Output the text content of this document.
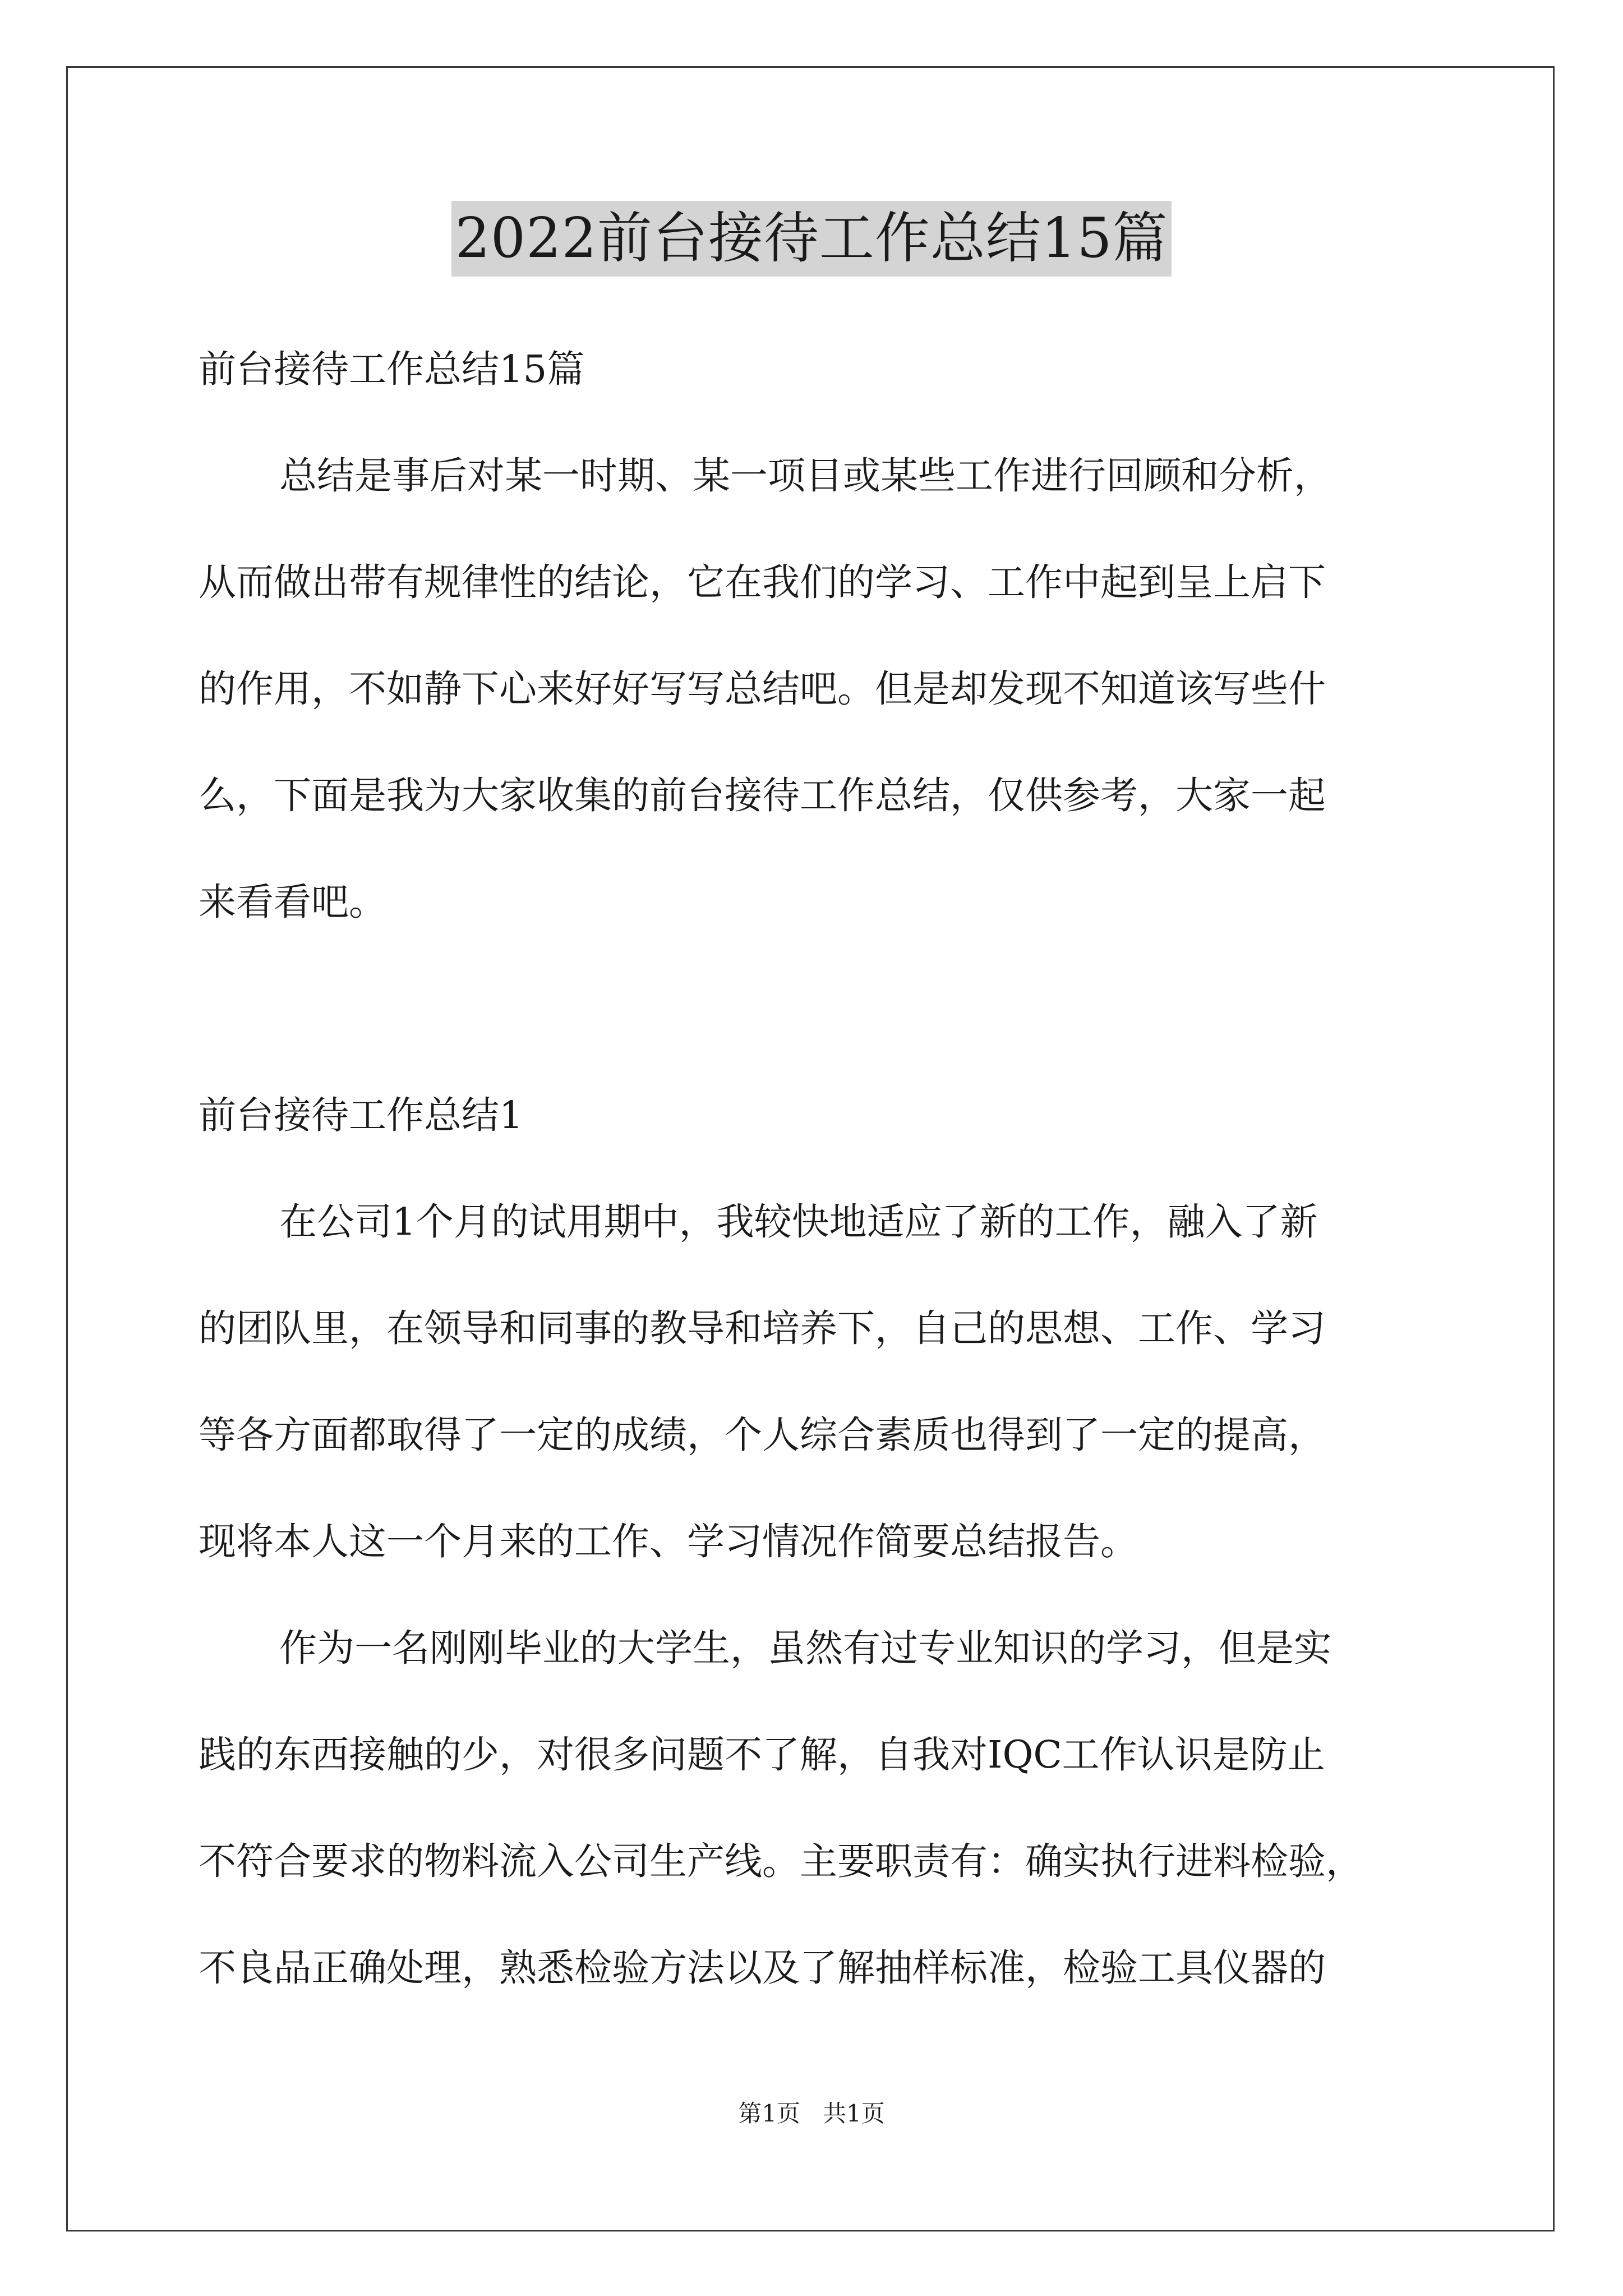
2022前台接待工作总结15篇

前台接待工作总结15篇

总结是事后对某一时期、某一项目或某些工作进行回顾和分析，
从而做出带有规律性的结论，它在我们的学习、工作中起到呈上启下
的作用，不如静下心来好好写写总结吧。但是却发现不知道该写些什
么，下面是我为大家收集的前台接待工作总结，仅供参考，大家一起
来看看吧。

前台接待工作总结1

在公司1个月的试用期中，我较快地适应了新的工作，融入了新
的团队里，在领导和同事的教导和培养下，自己的思想、工作、学习
等各方面都取得了一定的成绩，个人综合素质也得到了一定的提高，
现将本人这一个月来的工作、学习情况作简要总结报告。
作为一名刚刚毕业的大学生，虽然有过专业知识的学习，但是实
践的东西接触的少，对很多问题不了解，自我对IQC工作认识是防止
不符合要求的物料流入公司生产线。主要职责有：确实执行进料检验，
不良品正确处理，熟悉检验方法以及了解抽样标准，检验工具仪器的
第1页 共1页
